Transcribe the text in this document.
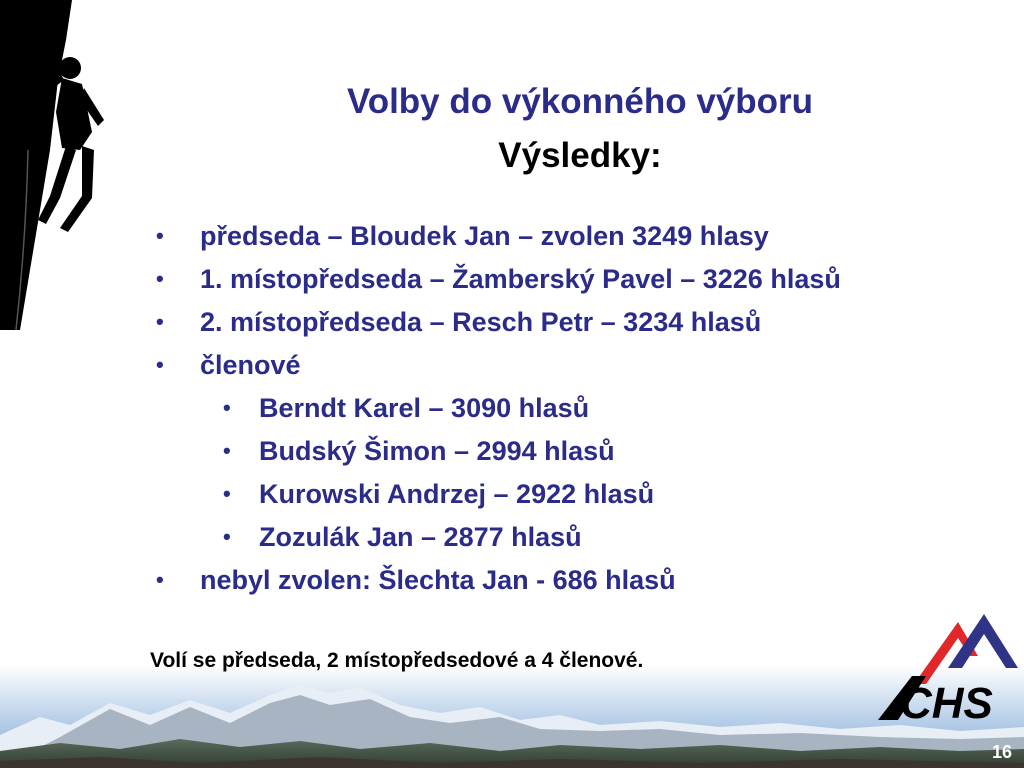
Volby do výkonného výboru
Výsledky:
• předseda – Bloudek Jan – zvolen 3249 hlasy
• 1. místopředseda – Žamberský Pavel – 3226 hlasů
• 2. místopředseda – Resch Petr – 3234 hlasů
• členové
• Berndt Karel – 3090 hlasů
• Budský Šimon – 2994 hlasů
• Kurowski Andrzej – 2922 hlasů
• Zozulák Jan – 2877 hlasů
• nebyl zvolen: Šlechta Jan - 686 hlasů
CHS
Volí se předseda, 2 místopředsedové a 4 členové.
16
